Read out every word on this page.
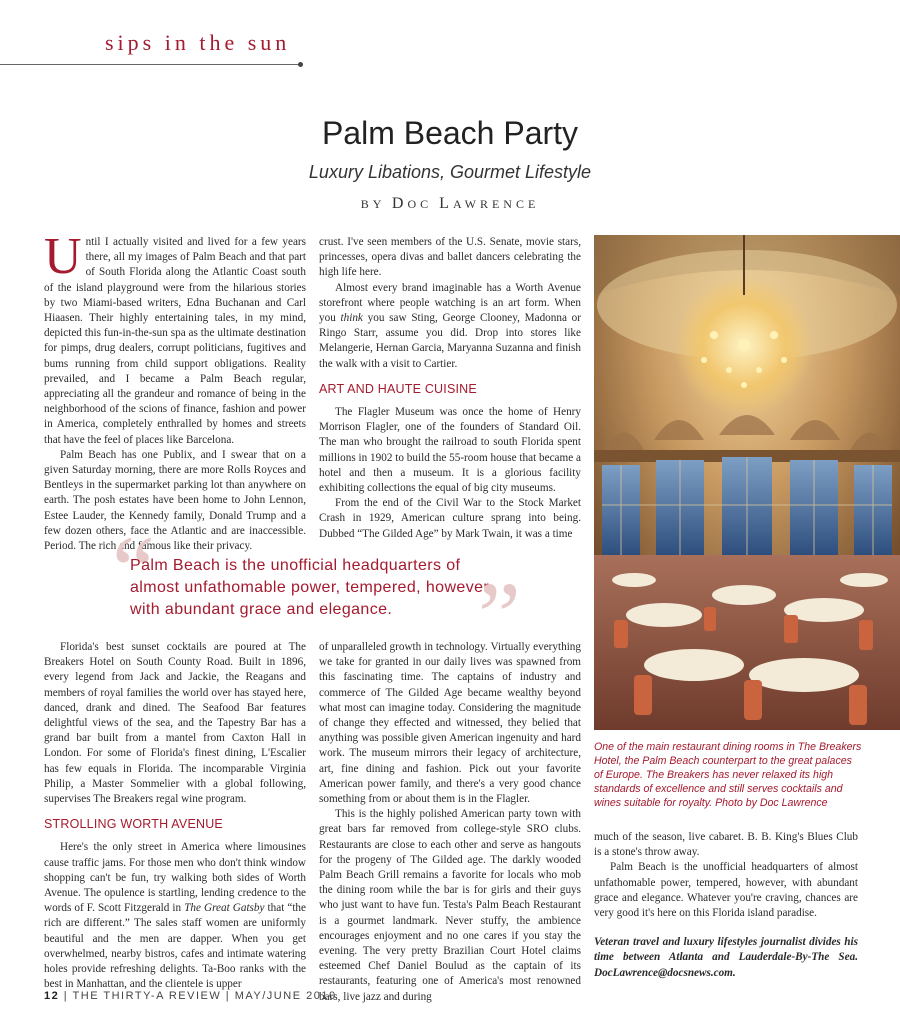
sips in the sun
Palm Beach Party
Luxury Libations, Gourmet Lifestyle
BY DOC LAWRENCE

Until I actually visited and lived for a few years there, all my images of Palm Beach and that part of South Florida along the Atlantic Coast south of the island playground were from the hilarious stories by two Miami-based writers, Edna Buchanan and Carl Hiaasen. Their highly entertaining tales, in my mind, depicted this fun-in-the-sun spa as the ultimate destination for pimps, drug dealers, corrupt politicians, fugitives and bums running from child support obligations. Reality prevailed, and I became a Palm Beach regular, appreciating all the grandeur and romance of being in the neighborhood of the scions of finance, fashion and power in America, completely enthralled by homes and streets that have the feel of places like Barcelona.

Palm Beach has one Publix, and I swear that on a given Saturday morning, there are more Rolls Royces and Bentleys in the supermarket parking lot than anywhere on earth. The posh estates have been home to John Lennon, Estee Lauder, the Kennedy family, Donald Trump and a few dozen others, face the Atlantic and are inaccessible. Period. The rich and famous like their privacy.

crust. I've seen members of the U.S. Senate, movie stars, princesses, opera divas and ballet dancers celebrating the high life here.

Almost every brand imaginable has a Worth Avenue storefront where people watching is an art form. When you think you saw Sting, George Clooney, Madonna or Ringo Starr, assume you did. Drop into stores like Melangerie, Hernan Garcia, Maryanna Suzanna and finish the walk with a visit to Cartier.

ART AND HAUTE CUISINE

The Flagler Museum was once the home of Henry Morrison Flagler, one of the founders of Standard Oil. The man who brought the railroad to south Florida spent millions in 1902 to build the 55-room house that became a hotel and then a museum. It is a glorious facility exhibiting collections the equal of big city museums.

From the end of the Civil War to the Stock Market Crash in 1929, American culture sprang into being. Dubbed “The Gilded Age” by Mark Twain, it was a time

One of the main restaurant dining rooms in The Breakers Hotel, the Palm Beach counterpart to the great palaces of Europe. The Breakers has never relaxed its high standards of excellence and still serves cocktails and wines suitable for royalty. Photo by Doc Lawrence
“
Palm Beach is the unofficial headquarters of almost unfathomable power, tempered, however, with abundant grace and elegance. ”

Florida's best sunset cocktails are poured at The Breakers Hotel on South County Road. Built in 1896, every legend from Jack and Jackie, the Reagans and members of royal families the world over has stayed here, danced, drank and dined. The Seafood Bar features delightful views of the sea, and the Tapestry Bar has a grand bar built from a mantel from Caxton Hall in London. For some of Florida's finest dining, L'Escalier has few equals in Florida. The incomparable Virginia Philip, a Master Sommelier with a global following, supervises The Breakers regal wine program.

STROLLING WORTH AVENUE

Here's the only street in America where limousines cause traffic jams. For those men who don't think window shopping can't be fun, try walking both sides of Worth Avenue. The opulence is startling, lending credence to the words of F. Scott Fitzgerald in The Great Gatsby that “the rich are different.” The sales staff women are uniformly beautiful and the men are dapper. When you get overwhelmed, nearby bistros, cafes and intimate watering holes provide refreshing delights. Ta-Boo ranks with the best in Manhattan, and the clientele is upper

of unparalleled growth in technology. Virtually everything we take for granted in our daily lives was spawned from this fascinating time. The captains of industry and commerce of The Gilded Age became wealthy beyond what most can imagine today. Considering the magnitude of change they effected and witnessed, they belied that anything was possible given American ingenuity and hard work. The museum mirrors their legacy of architecture, art, fine dining and fashion. Pick out your favorite American power family, and there's a very good chance something from or about them is in the Flagler.

This is the highly polished American party town with great bars far removed from college-style SRO clubs. Restaurants are close to each other and serve as hangouts for the progeny of The Gilded age. The darkly wooded Palm Beach Grill remains a favorite for locals who mob the dining room while the bar is for girls and their guys who just want to have fun. Testa's Palm Beach Restaurant is a gourmet landmark. Never stuffy, the ambience encourages enjoyment and no one cares if you stay the evening. The very pretty Brazilian Court Hotel claims esteemed Chef Daniel Boulud as the captain of its restaurants, featuring one of America's most renowned bars, live jazz and during

much of the season, live cabaret. B. B. King's Blues Club is a stone's throw away.

Palm Beach is the unofficial headquarters of almost unfathomable power, tempered, however, with abundant grace and elegance. Whatever you're craving, chances are very good it's here on this Florida island paradise.

Veteran travel and luxury lifestyles journalist divides his time between Atlanta and Lauderdale-By-The Sea. DocLawrence@docsnews.com.

12 | THE THIRTY-A REVIEW | MAY/JUNE 2010
